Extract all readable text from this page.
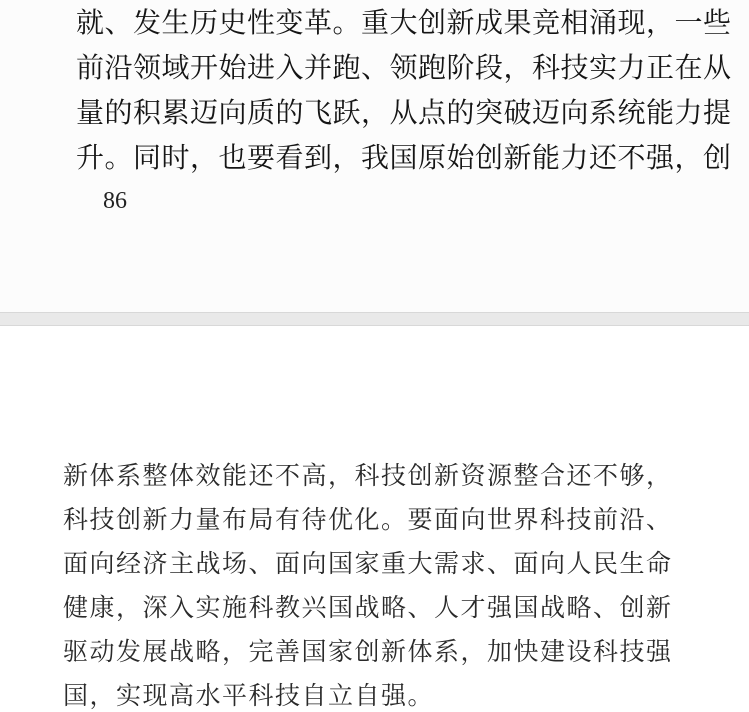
就、发生历史性变革。重大创新成果竞相涌现，一些
前沿领域开始进入并跑、领跑阶段，科技实力正在从
量的积累迈向质的飞跃，从点的突破迈向系统能力提
升。同时，也要看到，我国原始创新能力还不强，创
86
新体系整体效能还不高，科技创新资源整合还不够，
科技创新力量布局有待优化。要面向世界科技前沿、
面向经济主战场、面向国家重大需求、面向人民生命
健康，深入实施科教兴国战略、人才强国战略、创新
驱动发展战略，完善国家创新体系，加快建设科技强
国，实现高水平科技自立自强。
